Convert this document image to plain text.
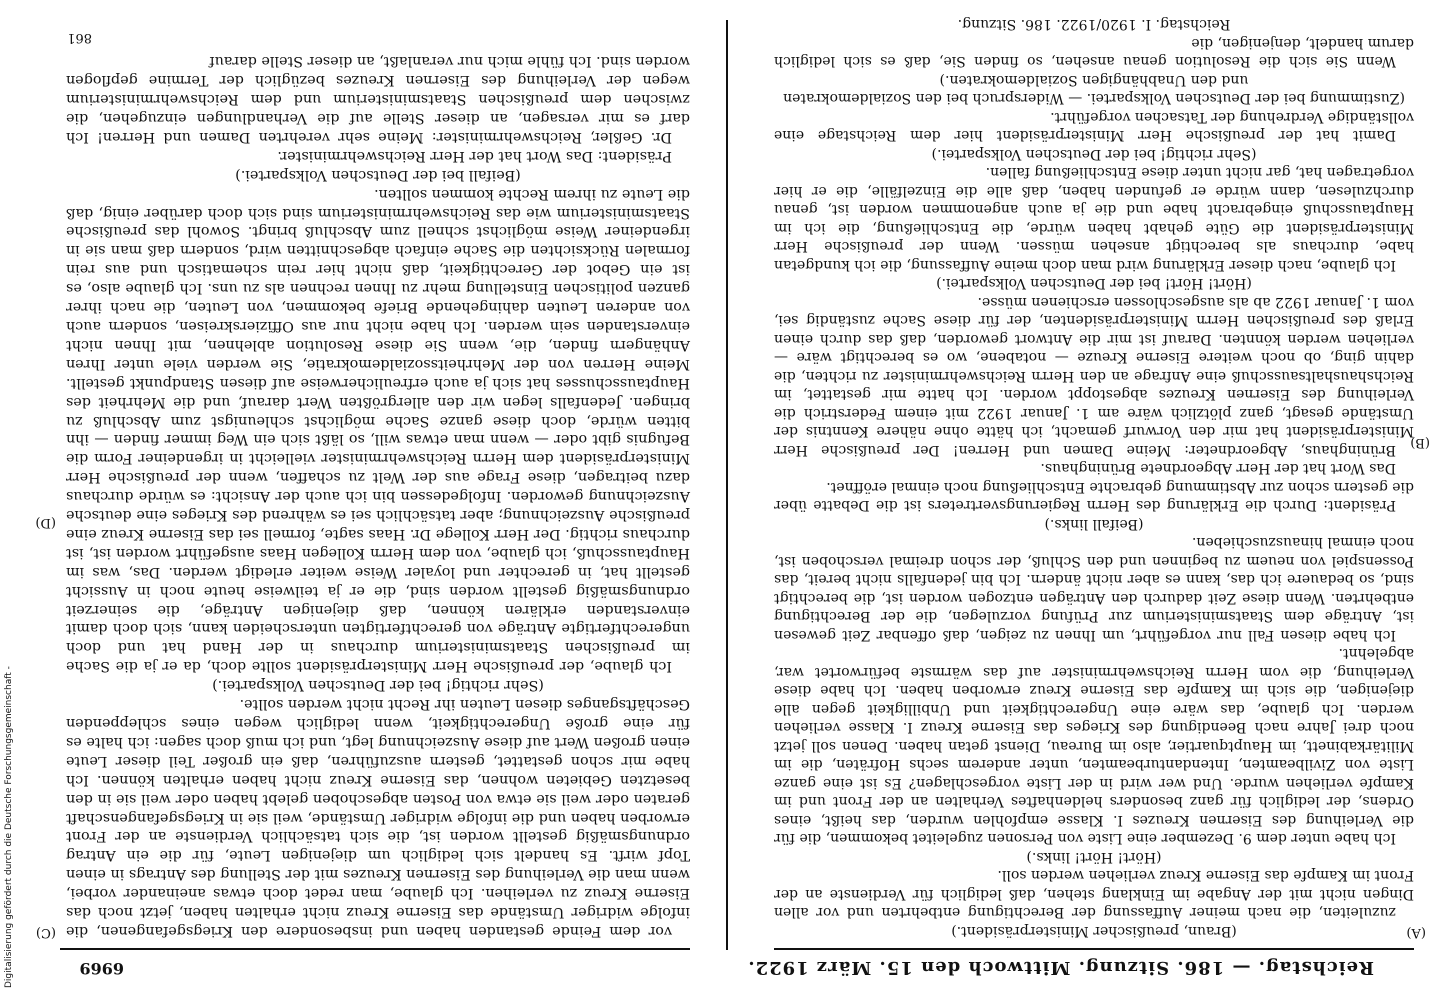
Reichstag. — 186. Sitzung. Mittwoch den 15. März 1922.
6969
(A)
(B)
(C)
(D)

(Braun, preußischer Ministerpräsident.)

zuzuleiten, die nach meiner Auffassung der Berechtigung entbehrten und vor allen Dingen nicht mit der Angabe im Einklang stehen, daß lediglich für Verdienste an der Front im Kampfe das Eiserne Kreuz verliehen werden soll.

(Hört! Hört! links.)

Ich habe unter dem 9. Dezember eine Liste von Personen zugeleitet bekommen, die für die Verleihung des Eisernen Kreuzes I. Klasse empfohlen wurden, das heißt, eines Ordens, der lediglich für ganz besonders heldenhaftes Verhalten an der Front und im Kampfe verliehen wurde. Und wer wird in der Liste vorgeschlagen? Es ist eine ganze Liste von Zivilbeamten, Intendanturbeamten, unter anderem sechs Hofräten, die im Militärkabinett, im Hauptquartier, also im Bureau, Dienst getan haben. Denen soll jetzt noch drei Jahre nach Beendigung des Krieges das Eiserne Kreuz I. Klasse verliehen werden. Ich glaube, das wäre eine Ungerechtigkeit und Unbilligkeit gegen alle diejenigen, die sich im Kampfe das Eiserne Kreuz erworben haben. Ich habe diese Verleihung, die vom Herrn Reichswehrminister auf das wärmste befürwortet war, abgelehnt.

Ich habe diesen Fall nur vorgeführt, um Ihnen zu zeigen, daß offenbar Zeit gewesen ist, Anträge dem Staatsministerium zur Prüfung vorzulegen, die der Berechtigung entbehrten. Wenn diese Zeit dadurch den Anträgen entzogen worden ist, die berechtigt sind, so bedauere ich das, kann es aber nicht ändern. Ich bin jedenfalls nicht bereit, das Possenspiel von neuem zu beginnen und den Schluß, der schon dreimal verschoben ist, noch einmal hinauszuschieben.

(Beifall links.)

Präsident: Durch die Erklärung des Herrn Regierungsvertreters ist die Debatte über die gestern schon zur Abstimmung gebrachte Entschließung noch einmal eröffnet.

Das Wort hat der Herr Abgeordnete Brüninghaus.

Brüninghaus, Abgeordneter: Meine Damen und Herren! Der preußische Herr Ministerpräsident hat mir den Vorwurf gemacht, ich hätte ohne nähere Kenntnis der Umstände gesagt, ganz plötzlich wäre am 1. Januar 1922 mit einem Federstrich die Verleihung des Eisernen Kreuzes abgestoppt worden. Ich hatte mir gestattet, im Reichshaushaltsausschuß eine Anfrage an den Herrn Reichswehrminister zu richten, die dahin ging, ob noch weitere Eiserne Kreuze — notabene, wo es berechtigt wäre — verliehen werden könnten. Darauf ist mir die Antwort geworden, daß das durch einen Erlaß des preußischen Herrn Ministerpräsidenten, der für diese Sache zuständig sei, vom 1. Januar 1922 ab als ausgeschlossen erschienen müsse.

(Hört! Hört! bei der Deutschen Volkspartei.)

Ich glaube, nach dieser Erklärung wird man doch meine Auffassung, die ich kundgetan habe, durchaus als berechtigt ansehen müssen. Wenn der preußische Herr Ministerpräsident die Güte gehabt haben würde, die Entschließung, die ich im Hauptausschuß eingebracht habe und die ja auch angenommen worden ist, genau durchzulesen, dann würde er gefunden haben, daß alle die Einzelfälle, die er hier vorgetragen hat, gar nicht unter diese Entschließung fallen.

(Sehr richtig! bei der Deutschen Volkspartei.)

Damit hat der preußische Herr Ministerpräsident hier dem Reichstage eine vollständige Verdrehung der Tatsachen vorgeführt.

(Zustimmung bei der Deutschen Volkspartei. — Widerspruch bei den Sozialdemokraten und den Unabhängigen Sozialdemokraten.)

Wenn Sie sich die Resolution genau ansehen, so finden Sie, daß es sich lediglich darum handelt, denjenigen, die

Reichstag. I. 1920/1922. 186. Sitzung.

vor dem Feinde gestanden haben und insbesondere den Kriegsgefangenen, die infolge widriger Umstände das Eiserne Kreuz nicht erhalten haben, jetzt noch das Eiserne Kreuz zu verleihen. Ich glaube, man redet doch etwas aneinander vorbei, wenn man die Verleihung des Eisernen Kreuzes mit der Stellung des Antrags in einen Topf wirft. Es handelt sich lediglich um diejenigen Leute, für die ein Antrag ordnungsmäßig gestellt worden ist, die sich tatsächlich Verdienste an der Front erworben haben und die infolge widriger Umstände, weil sie in Kriegsgefangenschaft geraten oder weil sie etwa von Posten abgeschoben gelebt haben oder weil sie in den besetzten Gebieten wohnen, das Eiserne Kreuz nicht haben erhalten können. Ich habe mir schon gestattet, gestern auszuführen, daß ein großer Teil dieser Leute einen großen Wert auf diese Auszeichnung legt, und ich muß doch sagen: ich halte es für eine große Ungerechtigkeit, wenn lediglich wegen eines schleppenden Geschäftsganges diesen Leuten ihr Recht nicht werden sollte.

(Sehr richtig! bei der Deutschen Volkspartei.)

Ich glaube, der preußische Herr Ministerpräsident sollte doch, da er ja die Sache im preußischen Staatsministerium durchaus in der Hand hat und doch ungerechtfertigte Anträge von gerechtfertigten unterscheiden kann, sich doch damit einverstanden erklären können, daß diejenigen Anträge, die seinerzeit ordnungsmäßig gestellt worden sind, die er ja teilweise heute noch in Aussicht gestellt hat, in gerechter und loyaler Weise weiter erledigt werden. Das, was im Hauptausschuß, ich glaube, von dem Herrn Kollegen Haas ausgeführt worden ist, ist durchaus richtig. Der Herr Kollege Dr. Haas sagte, formell sei das Eiserne Kreuz eine preußische Auszeichnung; aber tatsächlich sei es während des Krieges eine deutsche Auszeichnung geworden. Infolgedessen bin ich auch der Ansicht: es würde durchaus dazu beitragen, diese Frage aus der Welt zu schaffen, wenn der preußische Herr Ministerpräsident dem Herrn Reichswehrminister vielleicht in irgendeiner Form die Befugnis gibt oder — wenn man etwas will, so läßt sich ein Weg immer finden — ihn bitten würde, doch diese ganze Sache möglichst schleunigst zum Abschluß zu bringen. Jedenfalls legen wir den allergrößten Wert darauf, und die Mehrheit des Hauptausschusses hat sich ja auch erfreulicherweise auf diesen Standpunkt gestellt. Meine Herren von der Mehrheitssozialdemokratie, Sie werden viele unter Ihren Anhängern finden, die, wenn Sie diese Resolution ablehnen, mit Ihnen nicht einverstanden sein werden. Ich habe nicht nur aus Offizierskreisen, sondern auch von anderen Leuten dahingehende Briefe bekommen, von Leuten, die nach ihrer ganzen politischen Einstellung mehr zu Ihnen rechnen als zu uns. Ich glaube also, es ist ein Gebot der Gerechtigkeit, daß nicht hier rein schematisch und aus rein formalen Rücksichten die Sache einfach abgeschnitten wird, sondern daß man sie in irgendeiner Weise möglichst schnell zum Abschluß bringt. Sowohl das preußische Staatsministerium wie das Reichswehrministerium sind sich doch darüber einig, daß die Leute zu ihrem Rechte kommen sollten.

(Beifall bei der Deutschen Volkspartei.)

Präsident: Das Wort hat der Herr Reichswehrminister.

Dr. Geßler, Reichswehrminister: Meine sehr verehrten Damen und Herren! Ich darf es mir versagen, an dieser Stelle auf die Verhandlungen einzugehen, die zwischen dem preußischen Staatsministerium und dem Reichswehrministerium wegen der Verleihung des Eisernen Kreuzes bezüglich der Termine gepflogen worden sind. Ich fühle mich nur veranlaßt, an dieser Stelle darauf

861
Digitalisierung gefördert durch die Deutsche Forschungsgemeinschaft -
